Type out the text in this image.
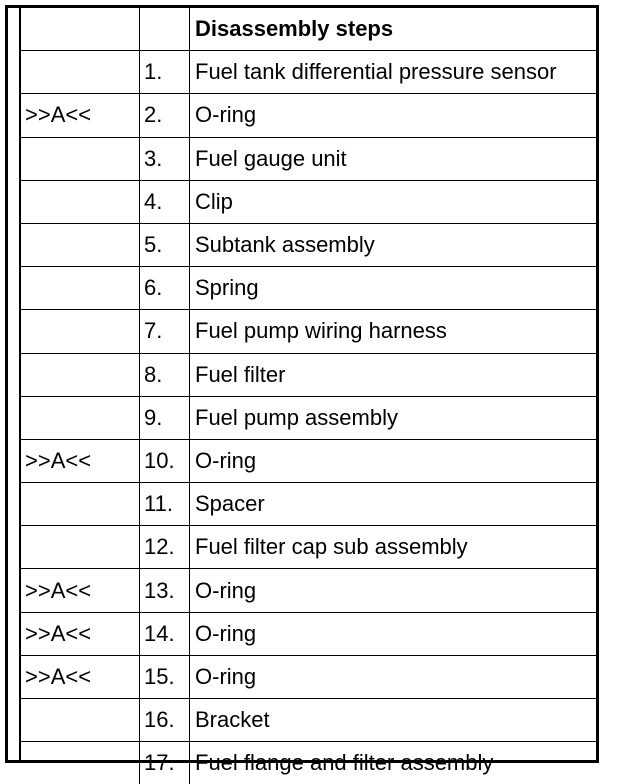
		Disassembly steps
	1.	Fuel tank differential pressure sensor
>>A<<	2.	O-ring
	3.	Fuel gauge unit
	4.	Clip
	5.	Subtank assembly
	6.	Spring
	7.	Fuel pump wiring harness
	8.	Fuel filter
	9.	Fuel pump assembly
>>A<<	10.	O-ring
	11.	Spacer
	12.	Fuel filter cap sub assembly
>>A<<	13.	O-ring
>>A<<	14.	O-ring
>>A<<	15.	O-ring
	16.	Bracket
	17.	Fuel flange and filter assembly
